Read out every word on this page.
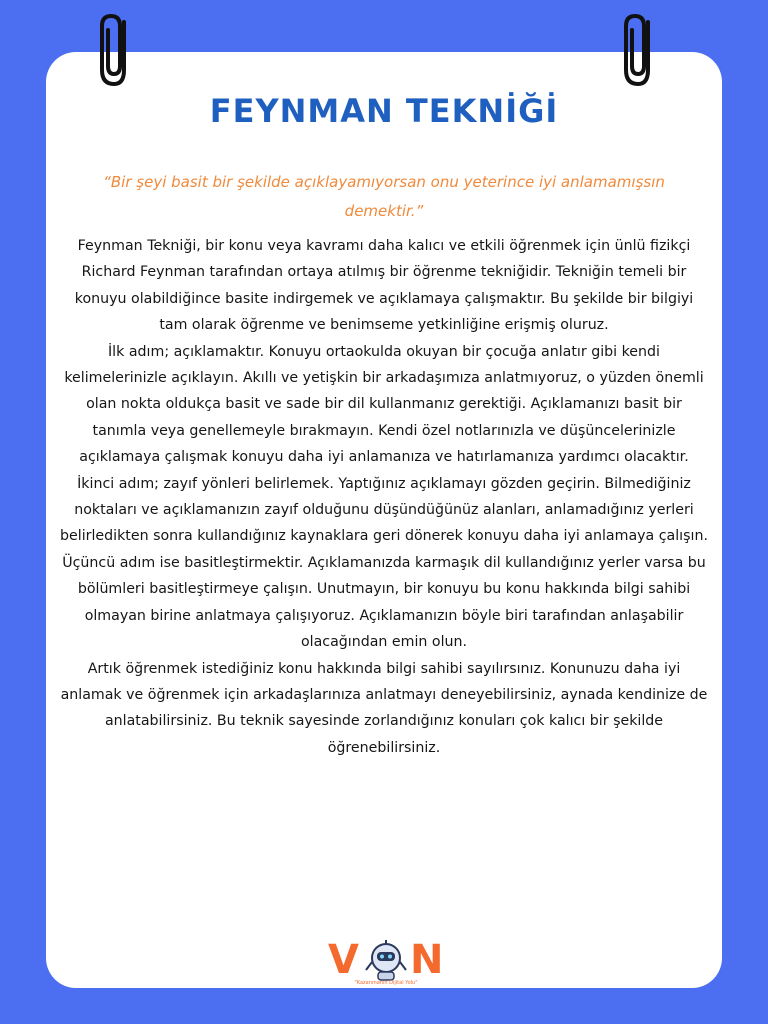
FEYNMAN TEKNİĞİ
“Bir şeyi basit bir şekilde açıklayamıyorsan onu yeterince iyi anlamamışsın demektir.”

Feynman Tekniği, bir konu veya kavramı daha kalıcı ve etkili öğrenmek için ünlü fizikçi Richard Feynman tarafından ortaya atılmış bir öğrenme tekniğidir. Tekniğin temeli bir konuyu olabildiğince basite indirgemek ve açıklamaya çalışmaktır. Bu şekilde bir bilgiyi tam olarak öğrenme ve benimseme yetkinliğine erişmiş oluruz.

İlk adım; açıklamaktır. Konuyu ortaokulda okuyan bir çocuğa anlatır gibi kendi kelimelerinizle açıklayın. Akıllı ve yetişkin bir arkadaşımıza anlatmıyoruz, o yüzden önemli olan nokta oldukça basit ve sade bir dil kullanmanız gerektiği. Açıklamanızı basit bir tanımla veya genellemeyle bırakmayın. Kendi özel notlarınızla ve düşüncelerinizle açıklamaya çalışmak konuyu daha iyi anlamanıza ve hatırlamanıza yardımcı olacaktır.

İkinci adım; zayıf yönleri belirlemek. Yaptığınız açıklamayı gözden geçirin. Bilmediğiniz noktaları ve açıklamanızın zayıf olduğunu düşündüğünüz alanları, anlamadığınız yerleri belirledikten sonra kullandığınız kaynaklara geri dönerek konuyu daha iyi anlamaya çalışın.

Üçüncü adım ise basitleştirmektir. Açıklamanızda karmaşık dil kullandığınız yerler varsa bu bölümleri basitleştirmeye çalışın. Unutmayın, bir konuyu bu konu hakkında bilgi sahibi olmayan birine anlatmaya çalışıyoruz. Açıklamanızın böyle biri tarafından anlaşabilir olacağından emin olun.

Artık öğrenmek istediğiniz konu hakkında bilgi sahibi sayılırsınız. Konunuzu daha iyi anlamak ve öğrenmek için arkadaşlarınıza anlatmayı deneyebilirsiniz, aynada kendinize de anlatabilirsiniz. Bu teknik sayesinde zorlandığınız konuları çok kalıcı bir şekilde öğrenebilirsiniz.

V N
"Kazanmanın Dijital Yolu"
